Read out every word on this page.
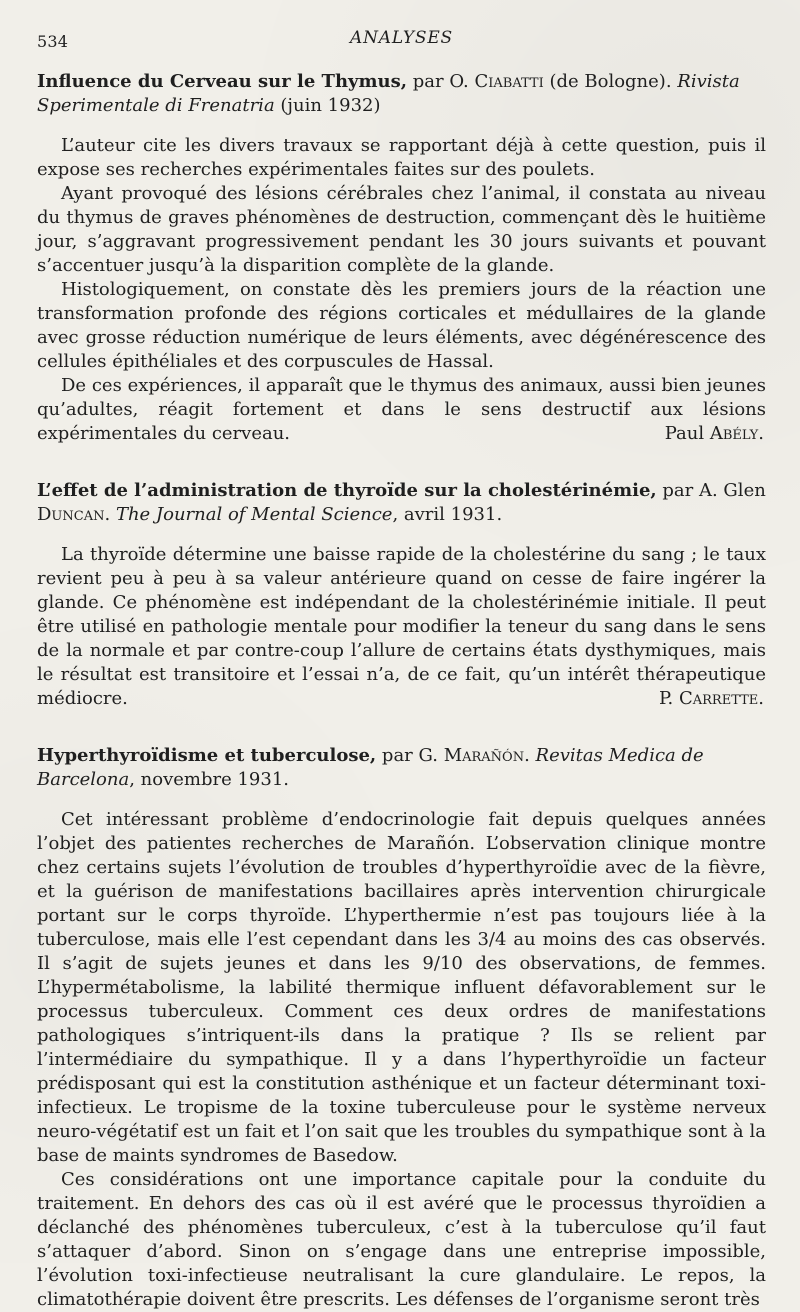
534	ANALYSES
Influence du Cerveau sur le Thymus, par O. Ciabatti (de Bologne). Rivista Sperimentale di Frenatria (juin 1932)

L’auteur cite les divers travaux se rapportant déjà à cette question, puis il expose ses recherches expérimentales faites sur des poulets.

Ayant provoqué des lésions cérébrales chez l’animal, il constata au niveau du thymus de graves phénomènes de destruction, commençant dès le huitième jour, s’aggravant progressivement pendant les 30 jours suivants et pouvant s’accentuer jusqu’à la disparition complète de la glande.

Histologiquement, on constate dès les premiers jours de la réaction une transformation profonde des régions corticales et médullaires de la glande avec grosse réduction numérique de leurs éléments, avec dégénérescence des cellules épithéliales et des corpuscules de Hassal.

De ces expériences, il apparaît que le thymus des animaux, aussi bien jeunes qu’adultes, réagit fortement et dans le sens destructif aux lésions expérimentales du cerveau.	Paul Abély.
L’effet de l’administration de thyroïde sur la cholestérinémie, par A. Glen Duncan. The Journal of Mental Science, avril 1931.

La thyroïde détermine une baisse rapide de la cholestérine du sang ; le taux revient peu à peu à sa valeur antérieure quand on cesse de faire ingérer la glande. Ce phénomène est indépendant de la cholestérinémie initiale. Il peut être utilisé en pathologie mentale pour modifier la teneur du sang dans le sens de la normale et par contre-coup l’allure de certains états dysthymiques, mais le résultat est transitoire et l’essai n’a, de ce fait, qu’un intérêt thérapeutique médiocre.	P. Carrette.
Hyperthyroïdisme et tuberculose, par G. Marañón. Revitas Medica de Barcelona, novembre 1931.

Cet intéressant problème d’endocrinologie fait depuis quelques années l’objet des patientes recherches de Marañón. L’observation clinique montre chez certains sujets l’évolution de troubles d’hyperthyroïdie avec de la fièvre, et la guérison de manifestations bacillaires après intervention chirurgicale portant sur le corps thyroïde. L’hyperthermie n’est pas toujours liée à la tuberculose, mais elle l’est cependant dans les 3/4 au moins des cas observés. Il s’agit de sujets jeunes et dans les 9/10 des observations, de femmes. L’hypermétabolisme, la labilité thermique influent défavorablement sur le processus tuberculeux. Comment ces deux ordres de manifestations pathologiques s’intriquent-ils dans la pratique ? Ils se relient par l’intermédiaire du sympathique. Il y a dans l’hyperthyroïdie un facteur prédisposant qui est la constitution asthénique et un facteur déterminant toxi-infectieux. Le tropisme de la toxine tuberculeuse pour le système nerveux neuro-végétatif est un fait et l’on sait que les troubles du sympathique sont à la base de maints syndromes de Basedow.

Ces considérations ont une importance capitale pour la conduite du traitement. En dehors des cas où il est avéré que le processus thyroïdien a déclanché des phénomènes tuberculeux, c’est à la tuberculose qu’il faut s’attaquer d’abord. Sinon on s’engage dans une entreprise impossible, l’évolution toxi-infectieuse neutralisant la cure glandulaire. Le repos, la climatothérapie doivent être prescrits. Les défenses de l’organisme seront très
